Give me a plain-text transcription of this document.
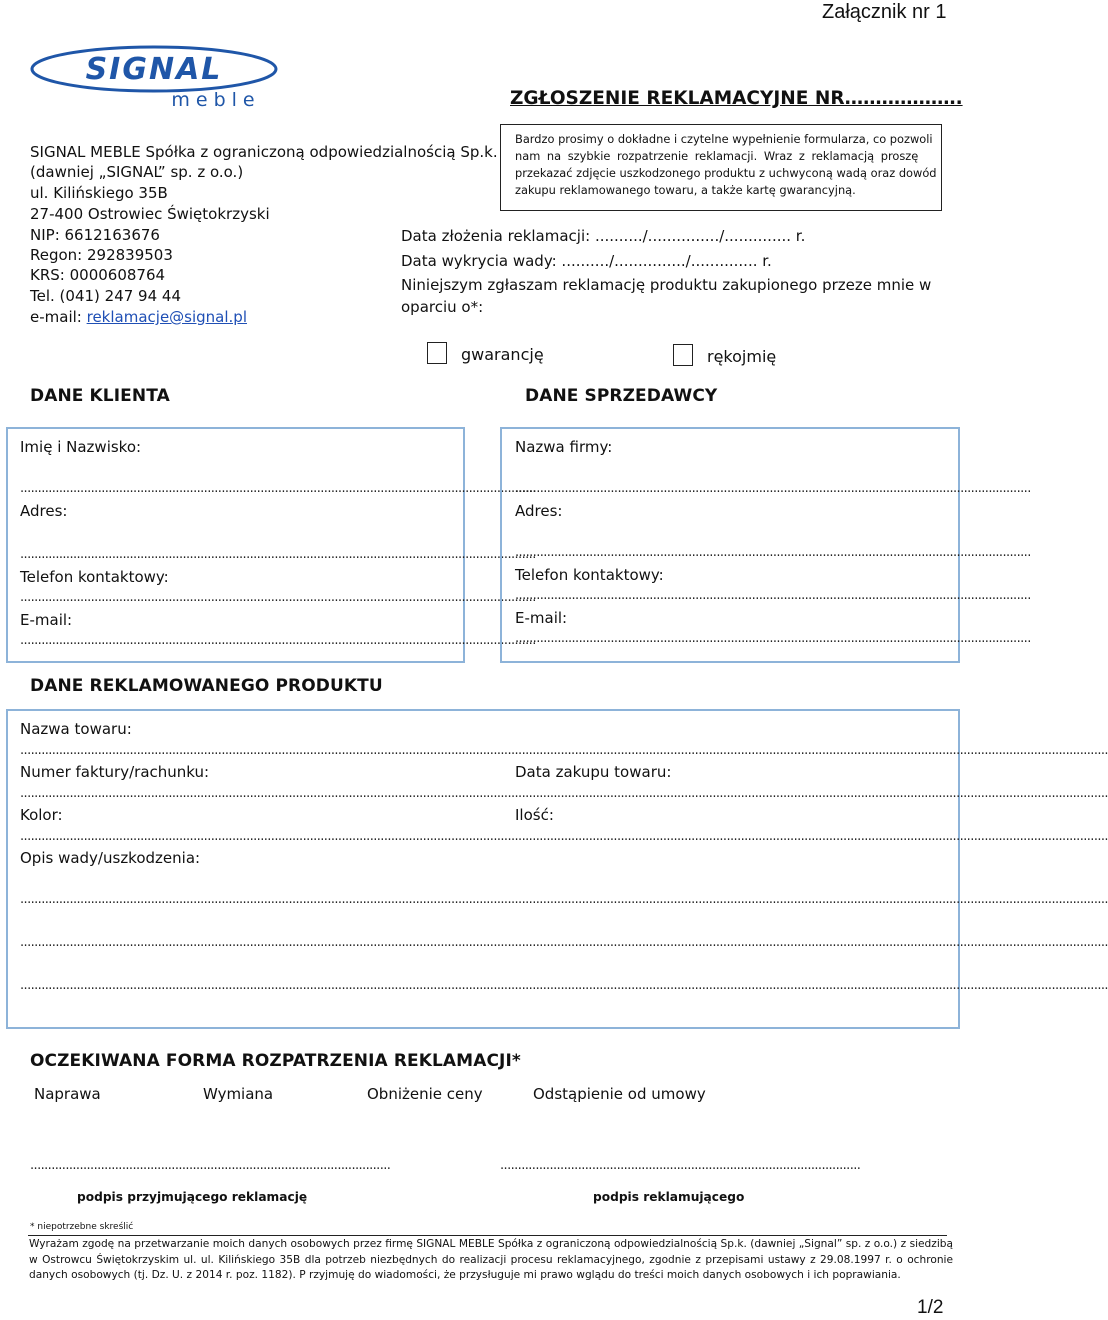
Załącznik nr 1
SIGNAL
meble	ZGŁOSZENIE REKLAMACYJNE NR……………….
SIGNAL MEBLE Spółka z ograniczoną odpowiedzialnością Sp.k.
(dawniej „SIGNAL” sp. z o.o.)
ul. Kilińskiego 35B
27-400 Ostrowiec Świętokrzyski
NIP: 6612163676
Regon: 292839503
KRS: 0000608764
Tel. (041) 247 94 44
e-mail: reklamacje@signal.pl
Bardzo prosimy o dokładne i czytelne wypełnienie formularza, co pozwoli
nam na szybkie rozpatrzenie reklamacji. Wraz z reklamacją proszę
przekazać zdjęcie uszkodzonego produktu z uchwyconą wadą oraz dowód
zakupu reklamowanego towaru, a także kartę gwarancyjną.
Data złożenia reklamacji: ........../.............../.............. r.
Data wykrycia wady: ........../.............../.............. r.
Niniejszym zgłaszam reklamację produktu zakupionego przeze mnie w
oparciu o*:
gwarancję	rękojmię
DANE KLIENTA	DANE SPRZEDAWCY
Imię i Nazwisko:
..................................................................................................................................................
Adres:
..................................................................................................................................................
Telefon kontaktowy:
..................................................................................................................................................
E-mail:
..................................................................................................................................................
Nazwa firmy:
..................................................................................................................................................
Adres:
..................................................................................................................................................
Telefon kontaktowy:
..................................................................................................................................................
E-mail:
..................................................................................................................................................
DANE REKLAMOWANEGO PRODUKTU
Nazwa towaru:
....................................................................................................................................................................................................................................................................................................................
Numer faktury/rachunku:	Data zakupu towaru:
....................................................................................................................................................................................................................................................................................................................
Kolor:	Ilość:
....................................................................................................................................................................................................................................................................................................................
Opis wady/uszkodzenia:
....................................................................................................................................................................................................................................................................................................................
....................................................................................................................................................................................................................................................................................................................
....................................................................................................................................................................................................................................................................................................................
OCZEKIWANA FORMA ROZPATRZENIA REKLAMACJI*
Naprawa	Wymiana	Obniżenie ceny	Odstąpienie od umowy
......................................................................................................	......................................................................................................
podpis przyjmującego reklamację	podpis reklamującego
* niepotrzebne skreślić
Wyrażam zgodę na przetwarzanie moich danych osobowych przez firmę SIGNAL MEBLE Spółka z ograniczoną odpowiedzialnością Sp.k. (dawniej „Signal” sp. z o.o.) z siedzibą w Ostrowcu Świętokrzyskim ul. ul. Kilińskiego 35B dla potrzeb niezbędnych do realizacji procesu reklamacyjnego, zgodnie z przepisami ustawy z 29.08.1997 r. o ochronie danych osobowych (tj. Dz. U. z 2014 r. poz. 1182). P rzyjmuję do wiadomości, że przysługuje mi prawo wglądu do treści moich danych osobowych i ich poprawiania.
1/2
